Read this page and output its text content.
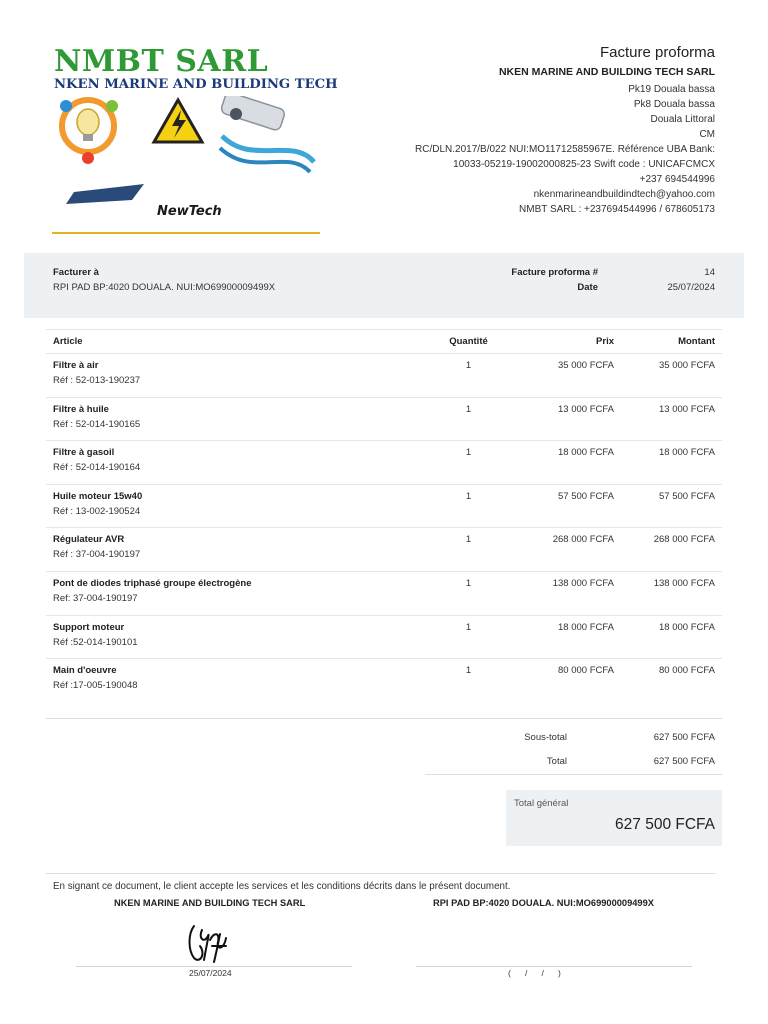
NMBT SARL
NKEN MARINE AND BUILDING TECH
NewTech
Facture proforma
NKEN MARINE AND BUILDING TECH SARL
Pk19 Douala bassa
Pk8 Douala bassa
Douala Littoral
CM
RC/DLN.2017/B/022 NUI:MO11712585967E. Référence UBA Bank:
10033-05219-19002000825-23 Swift code : UNICAFCMCX
+237 694544996
nkenmarineandbuildindtech@yahoo.com
NMBT SARL : +237694544996 / 678605173
Facturer à
RPI PAD BP:4020 DOUALA. NUI:MO69900009499X
Facture proforma #	14
Date	25/07/2024
Article	Quantité	Prix	Montant

Filtre à air
Réf : 52-013-190237	1	35 000 FCFA	35 000 FCFA

Filtre à huile
Réf : 52-014-190165	1	13 000 FCFA	13 000 FCFA

Filtre à gasoil
Réf : 52-014-190164	1	18 000 FCFA	18 000 FCFA

Huile moteur 15w40
Réf : 13-002-190524	1	57 500 FCFA	57 500 FCFA

Régulateur AVR
Réf : 37-004-190197	1	268 000 FCFA	268 000 FCFA

Pont de diodes triphasé groupe électrogène
Ref: 37-004-190197	1	138 000 FCFA	138 000 FCFA

Support moteur
Réf :52-014-190101	1	18 000 FCFA	18 000 FCFA

Main d'oeuvre
Réf :17-005-190048	1	80 000 FCFA	80 000 FCFA
Sous-total	627 500 FCFA
Total	627 500 FCFA
Total général
627 500 FCFA
En signant ce document, le client accepte les services et les conditions décrits dans le présent document.
NKEN MARINE AND BUILDING TECH SARL	RPI PAD BP:4020 DOUALA. NUI:MO69900009499X
25/07/2024	(      /      /      )
